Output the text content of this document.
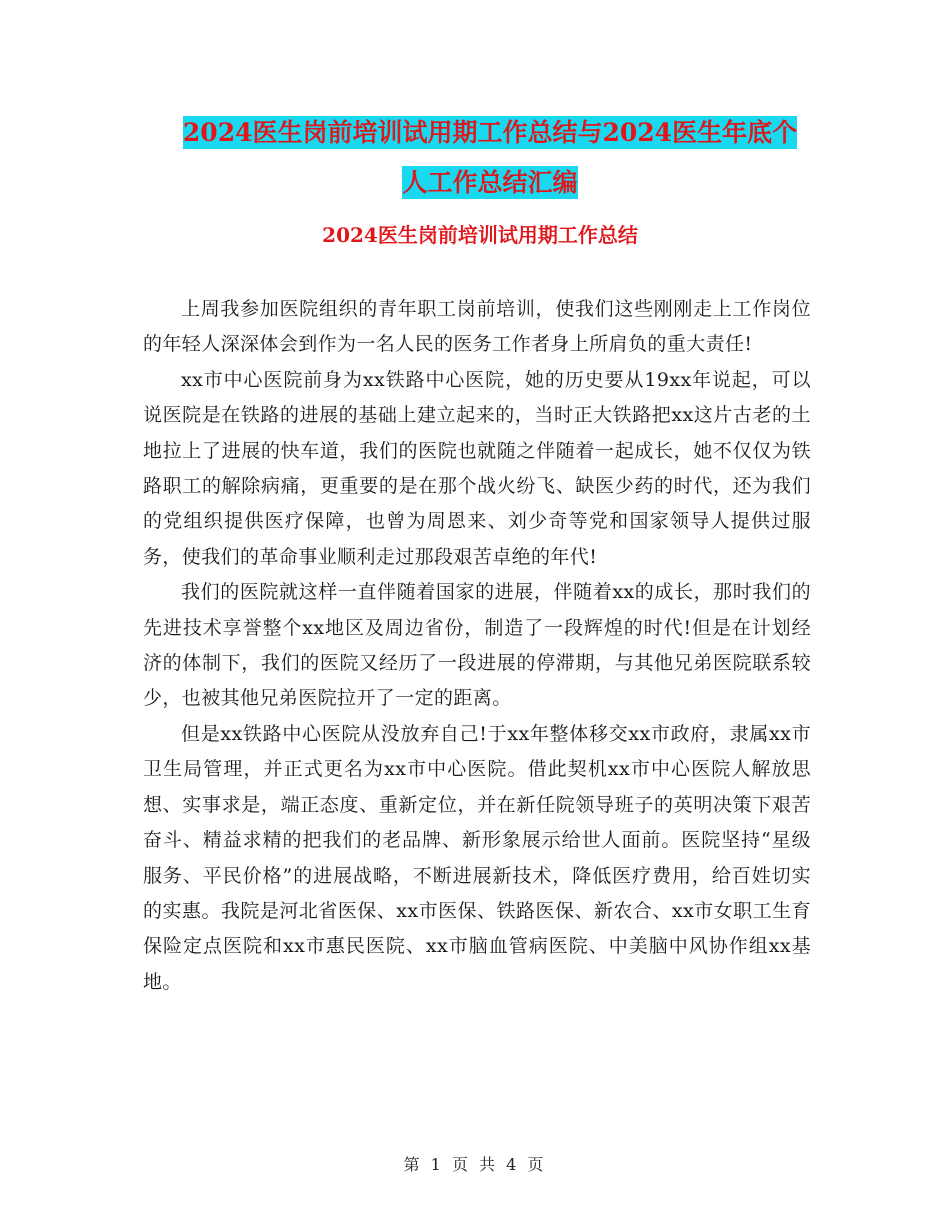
2024医生岗前培训试用期工作总结与2024医生年底个
人工作总结汇编
2024医生岗前培训试用期工作总结

上周我参加医院组织的青年职工岗前培训，使我们这些刚刚走上工作岗位的年轻人深深体会到作为一名人民的医务工作者身上所肩负的重大责任!

xx市中心医院前身为xx铁路中心医院，她的历史要从19xx年说起，可以说医院是在铁路的进展的基础上建立起来的，当时正大铁路把xx这片古老的土地拉上了进展的快车道，我们的医院也就随之伴随着一起成长，她不仅仅为铁路职工的解除病痛，更重要的是在那个战火纷飞、缺医少药的时代，还为我们的党组织提供医疗保障，也曾为周恩来、刘少奇等党和国家领导人提供过服务，使我们的革命事业顺利走过那段艰苦卓绝的年代!

我们的医院就这样一直伴随着国家的进展，伴随着xx的成长，那时我们的先进技术享誉整个xx地区及周边省份，制造了一段辉煌的时代!但是在计划经济的体制下，我们的医院又经历了一段进展的停滞期，与其他兄弟医院联系较少，也被其他兄弟医院拉开了一定的距离。

但是xx铁路中心医院从没放弃自己!于xx年整体移交xx市政府，隶属xx市卫生局管理，并正式更名为xx市中心医院。借此契机xx市中心医院人解放思想、实事求是，端正态度、重新定位，并在新任院领导班子的英明决策下艰苦奋斗、精益求精的把我们的老品牌、新形象展示给世人面前。医院坚持“星级服务、平民价格”的进展战略，不断进展新技术，降低医疗费用，给百姓切实的实惠。我院是河北省医保、xx市医保、铁路医保、新农合、xx市女职工生育保险定点医院和xx市惠民医院、xx市脑血管病医院、中美脑中风协作组xx基地。

第 1 页 共 4 页
